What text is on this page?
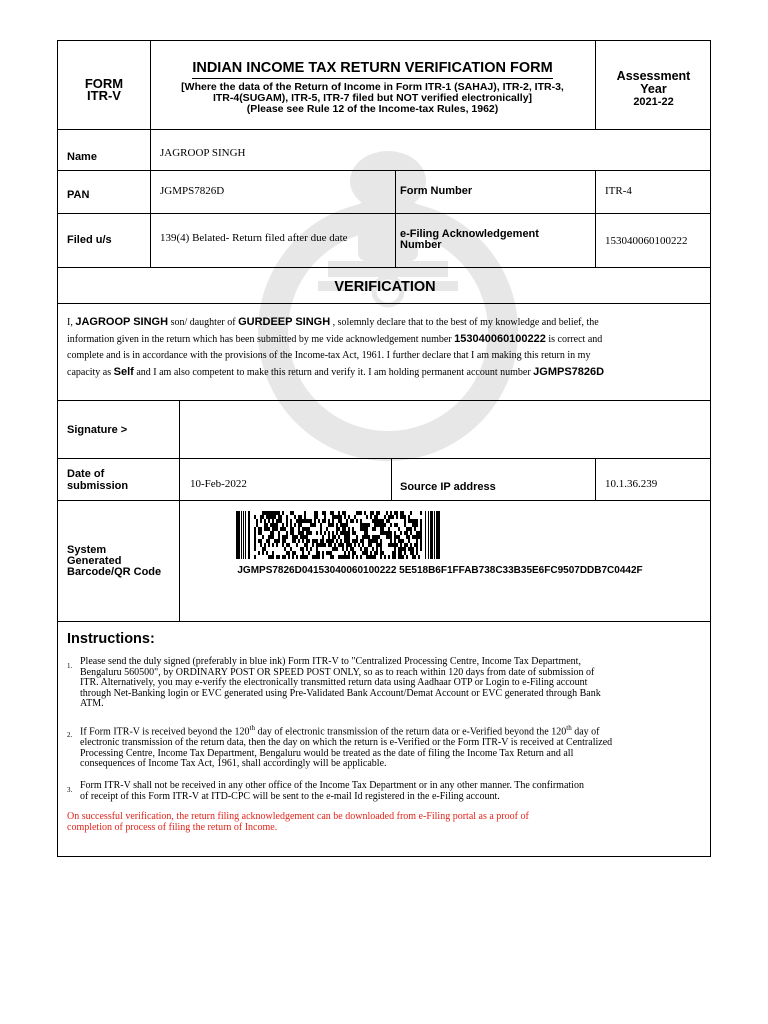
FORM
ITR-V
INDIAN INCOME TAX RETURN VERIFICATION FORM
[Where the data of the Return of Income in Form ITR-1 (SAHAJ), ITR-2, ITR-3,
ITR-4(SUGAM), ITR-5, ITR-7 filed but NOT verified electronically]
(Please see Rule 12 of the Income-tax Rules, 1962)
Assessment
Year
2021-22
Name	JAGROOP SINGH
PAN	JGMPS7826D	Form Number	ITR-4
Filed u/s	139(4) Belated- Return filed after due date	e-Filing Acknowledgement
Number	153040060100222
VERIFICATION
I, JAGROOP SINGH son/ daughter of GURDEEP SINGH , solemnly declare that to the best of my knowledge and belief, the
information given in the return which has been submitted by me vide acknowledgement number 153040060100222 is correct and
complete and is in accordance with the provisions of the Income-tax Act, 1961. I further declare that I am making this return in my
capacity as Self and I am also competent to make this return and verify it. I am holding permanent account number JGMPS7826D
Signature >
Date of
submission	10-Feb-2022	Source IP address	10.1.36.239
System
Generated
Barcode/QR Code	JGMPS7826D04153040060100222 5E518B6F1FFAB738C33B35E6FC9507DDB7C0442F
Instructions:
1. Please send the duly signed (preferably in blue ink) Form ITR-V to "Centralized Processing Centre, Income Tax Department,
Bengaluru 560500", by ORDINARY POST OR SPEED POST ONLY, so as to reach within 120 days from date of submission of
ITR. Alternatively, you may e-verify the electronically transmitted return data using Aadhaar OTP or Login to e-Filing account
through Net-Banking login or EVC generated using Pre-Validated Bank Account/Demat Account or EVC generated through Bank
ATM.
2. If Form ITR-V is received beyond the 120th day of electronic transmission of the return data or e-Verified beyond the 120th day of
electronic transmission of the return data, then the day on which the return is e-Verified or the Form ITR-V is received at Centralized
Processing Centre, Income Tax Department, Bengaluru would be treated as the date of filing the Income Tax Return and all
consequences of Income Tax Act, 1961, shall accordingly will be applicable.
3. Form ITR-V shall not be received in any other office of the Income Tax Department or in any other manner. The confirmation
of receipt of this Form ITR-V at ITD-CPC will be sent to the e-mail Id registered in the e-Filing account.
On successful verification, the return filing acknowledgement can be downloaded from e-Filing portal as a proof of
completion of process of filing the return of Income.
